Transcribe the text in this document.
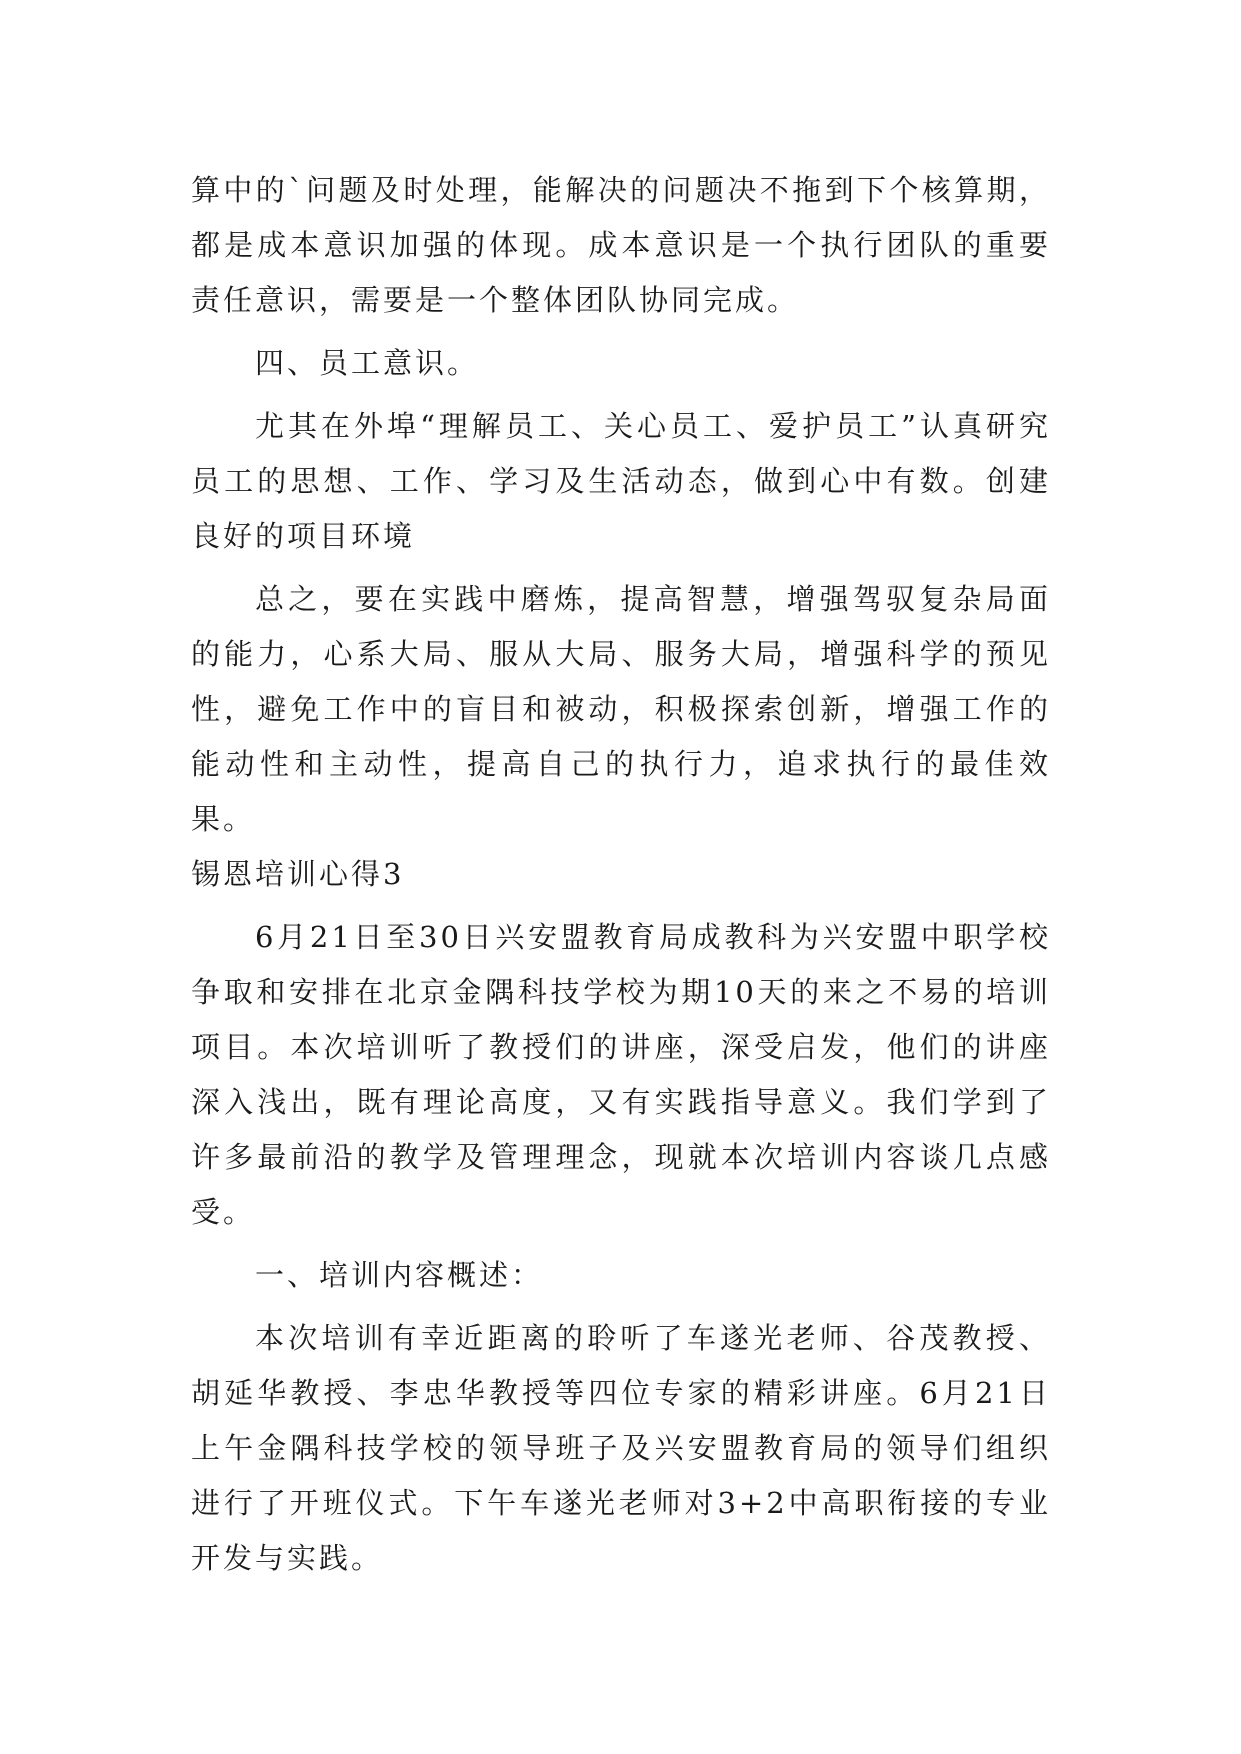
算中的`问题及时处理，能解决的问题决不拖到下个核算期，都是成本意识加强的体现。成本意识是一个执行团队的重要责任意识，需要是一个整体团队协同完成。

四、员工意识。

尤其在外埠“理解员工、关心员工、爱护员工”认真研究员工的思想、工作、学习及生活动态，做到心中有数。创建良好的项目环境

总之，要在实践中磨炼，提高智慧，增强驾驭复杂局面的能力，心系大局、服从大局、服务大局，增强科学的预见性，避免工作中的盲目和被动，积极探索创新，增强工作的能动性和主动性，提高自己的执行力，追求执行的最佳效果。

锡恩培训心得3

6月21日至30日兴安盟教育局成教科为兴安盟中职学校争取和安排在北京金隅科技学校为期10天的来之不易的培训项目。本次培训听了教授们的讲座，深受启发，他们的讲座深入浅出，既有理论高度，又有实践指导意义。我们学到了许多最前沿的教学及管理理念，现就本次培训内容谈几点感受。

一、培训内容概述：

本次培训有幸近距离的聆听了车遂光老师、谷茂教授、胡延华教授、李忠华教授等四位专家的精彩讲座。6月21日上午金隅科技学校的领导班子及兴安盟教育局的领导们组织进行了开班仪式。下午车遂光老师对3+2中高职衔接的专业开发与实践。
